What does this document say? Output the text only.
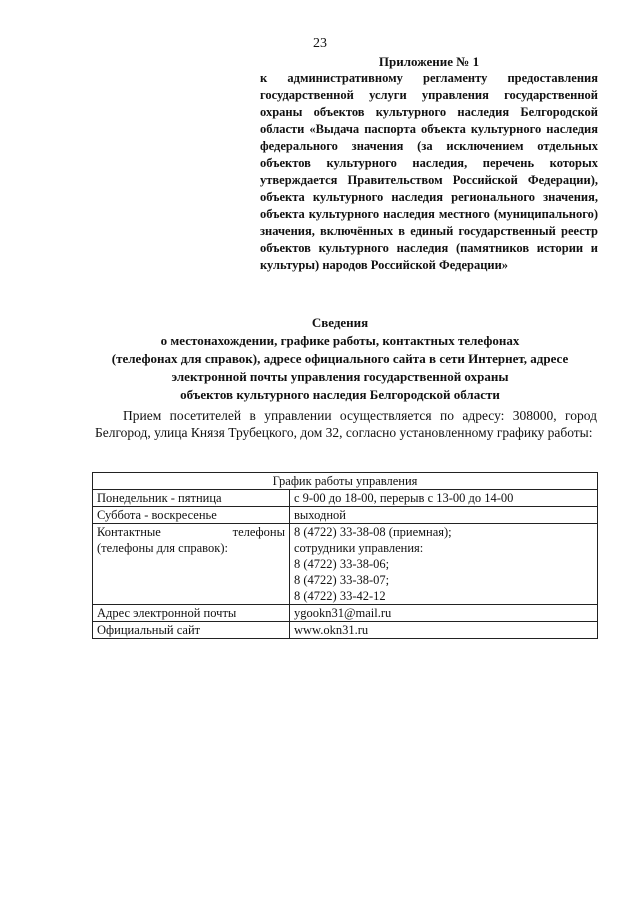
23
Приложение № 1
к административному регламенту предоставления государственной услуги управления государственной охраны объектов культурного наследия Белгородской области «Выдача паспорта объекта культурного наследия федерального значения (за исключением отдельных объектов культурного наследия, перечень которых утверждается Правительством Российской Федерации), объекта культурного наследия регионального значения, объекта культурного наследия местного (муниципального) значения, включённых в единый государственный реестр объектов культурного наследия (памятников истории и культуры) народов Российской Федерации»
Сведения
о местонахождении, графике работы, контактных телефонах
(телефонах для справок), адресе официального сайта в сети Интернет, адресе
электронной почты управления государственной охраны
объектов культурного наследия Белгородской области
Прием посетителей в управлении осуществляется по адресу: 308000, город Белгород, улица Князя Трубецкого, дом 32, согласно установленному графику работы:
График работы управления	
Понедельник - пятница	с 9-00 до 18-00, перерыв с 13-00 до 14-00
Суббота - воскресенье	выходной

Контактные телефоны
(телефоны для справок):	8 (4722) 33-38-08 (приемная);
сотрудники управления:
8 (4722) 33-38-06;
8 (4722) 33-38-07;
8 (4722) 33-42-12

Адрес электронной почты	ygookn31@mail.ru
Официальный сайт	www.okn31.ru
